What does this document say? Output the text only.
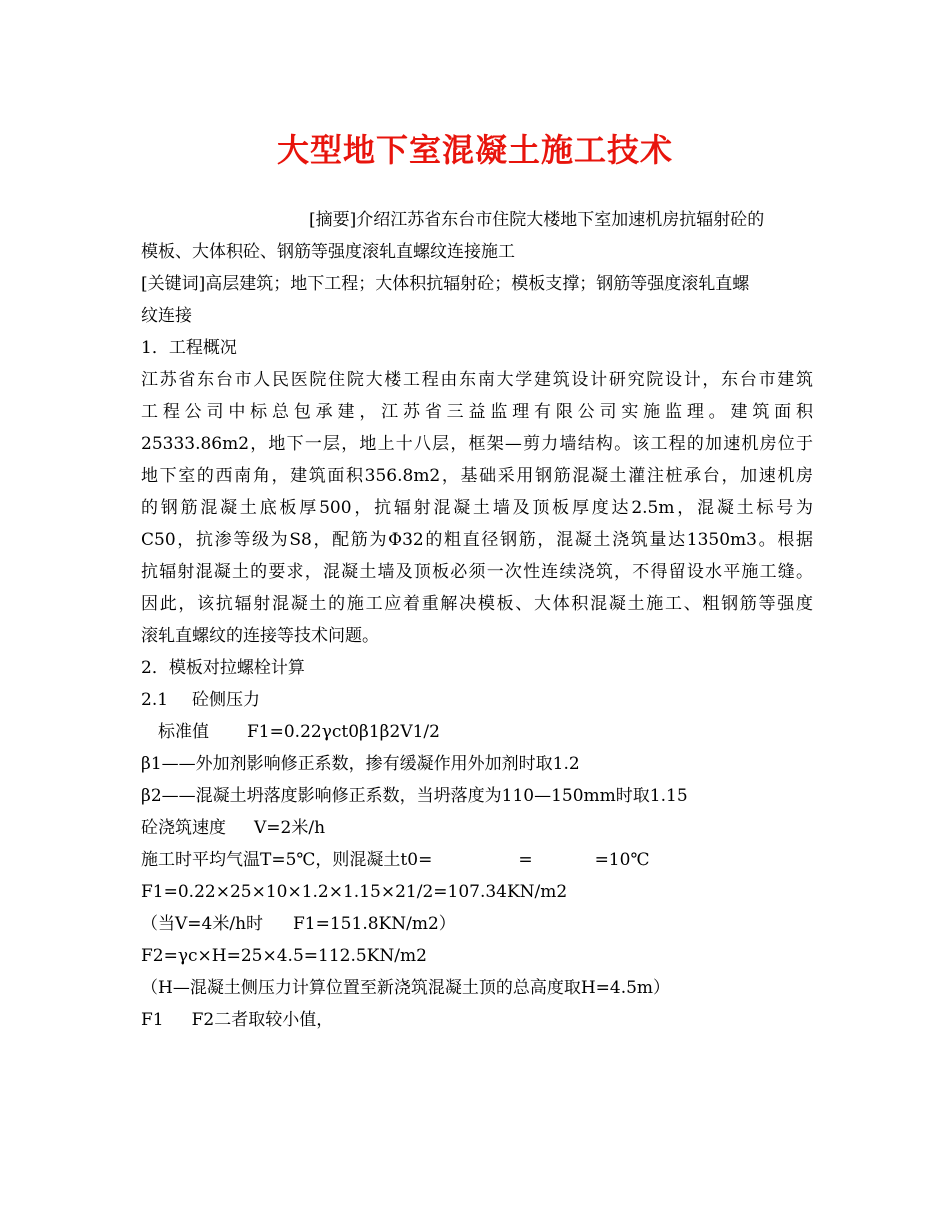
大型地下室混凝土施工技术
[摘要]介绍江苏省东台市住院大楼地下室加速机房抗辐射砼的
模板、大体积砼、钢筋等强度滚轧直螺纹连接施工
[关键词]高层建筑；地下工程；大体积抗辐射砼；模板支撑；钢筋等强度滚轧直螺
纹连接
1．工程概况
江苏省东台市人民医院住院大楼工程由东南大学建筑设计研究院设计，东台市建筑
工程公司中标总包承建，江苏省三益监理有限公司实施监理。建筑面积
25333.86m2，地下一层，地上十八层，框架—剪力墙结构。该工程的加速机房位于
地下室的西南角，建筑面积356.8m2，基础采用钢筋混凝土灌注桩承台，加速机房
的钢筋混凝土底板厚500，抗辐射混凝土墙及顶板厚度达2.5m，混凝土标号为
C50，抗渗等级为S8，配筋为Φ32的粗直径钢筋，混凝土浇筑量达1350m3。根据
抗辐射混凝土的要求，混凝土墙及顶板必须一次性连续浇筑，不得留设水平施工缝。
因此，该抗辐射混凝土的施工应着重解决模板、大体积混凝土施工、粗钢筋等强度
滚轧直螺纹的连接等技术问题。
2．模板对拉螺栓计算
2.1 砼侧压力
标准值 F1=0.22γct0β1β2V1/2
β1——外加剂影响修正系数，掺有缓凝作用外加剂时取1.2
β2——混凝土坍落度影响修正系数，当坍落度为110—150mm时取1.15
砼浇筑速度 V=2米/h
施工时平均气温T=5℃，则混凝土t0=	=	=10℃
F1=0.22×25×10×1.2×1.15×21/2=107.34KN/m2
（当V=4米/h时 F1=151.8KN/m2）
F2=γc×H=25×4.5=112.5KN/m2
（H—混凝土侧压力计算位置至新浇筑混凝土顶的总高度取H=4.5m）
F1 F2二者取较小值，
